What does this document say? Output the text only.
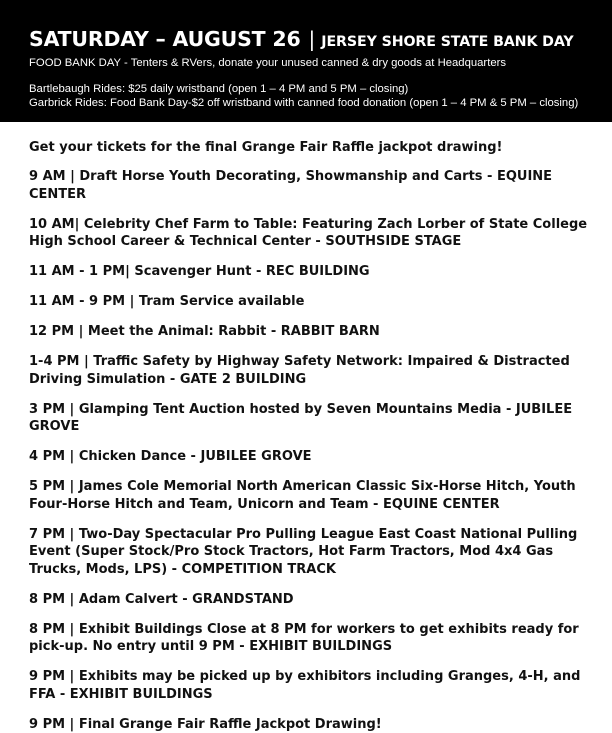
SATURDAY – AUGUST 26 | JERSEY SHORE STATE BANK DAY
FOOD BANK DAY - Tenters & RVers, donate your unused canned & dry goods at Headquarters
Bartlebaugh Rides: $25 daily wristband (open 1 – 4 PM and 5 PM – closing)
Garbrick Rides: Food Bank Day-$2 off wristband with canned food donation (open 1 – 4 PM & 5 PM – closing)
Get your tickets for the final Grange Fair Raffle jackpot drawing!
9 AM | Draft Horse Youth Decorating, Showmanship and Carts - EQUINE CENTER
10 AM| Celebrity Chef Farm to Table: Featuring Zach Lorber of State College High School Career & Technical Center - SOUTHSIDE STAGE
11 AM - 1 PM| Scavenger Hunt - REC BUILDING
11 AM - 9 PM | Tram Service available
12 PM | Meet the Animal: Rabbit - RABBIT BARN
1-4 PM | Traffic Safety by Highway Safety Network: Impaired & Distracted Driving Simulation - GATE 2 BUILDING
3 PM | Glamping Tent Auction hosted by Seven Mountains Media - JUBILEE GROVE
4 PM | Chicken Dance - JUBILEE GROVE
5 PM | James Cole Memorial North American Classic Six-Horse Hitch, Youth Four-Horse Hitch and Team, Unicorn and Team - EQUINE CENTER
7 PM | Two-Day Spectacular Pro Pulling League East Coast National Pulling Event (Super Stock/Pro Stock Tractors, Hot Farm Tractors, Mod 4x4 Gas Trucks, Mods, LPS) - COMPETITION TRACK
8 PM | Adam Calvert - GRANDSTAND
8 PM | Exhibit Buildings Close at 8 PM for workers to get exhibits ready for pick-up. No entry until 9 PM - EXHIBIT BUILDINGS
9 PM | Exhibits may be picked up by exhibitors including Granges, 4-H, and FFA - EXHIBIT BUILDINGS
9 PM | Final Grange Fair Raffle Jackpot Drawing!
